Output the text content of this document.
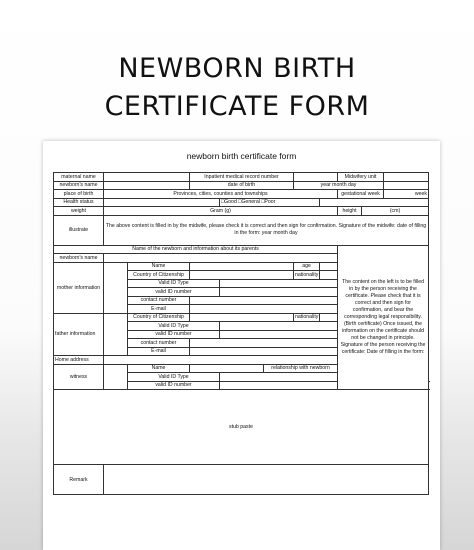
NEWBORN BIRTH
CERTIFICATE FORM
newborn birth certificate form
maternal name			Inpatient medical record number					Midwifery unit			
newborn's name			date of birth			year month day					
place of birth	Provinces, cities, counties and townships							gestational week		week	
Health status				□Good □General □Poor							
weight	Gram (g)							height	(cm)		
illustrate	The above content is filled in by the midwife, please check it is correct and then sign for confirmation. Signature of the midwife: date of filling in the form: year month day										
Name of the newborn and information about its parents								The content on the left is to be filled in by the person receiving the certificate. Please check that it is correct and then sign for confirmation, and bear the corresponding legal responsibility. (Birth certificate) Once issued, the information on the certificate should not be changed in principle. Signature of the person receiving the certificate: Date of filling in the form:			
newborn's name											
mother information		Name				age					
		Country of Citizenship				nationality					
		Valid ID Type									
		valid ID number									
		contact number									
		E-mail									
father information		Country of Citizenship				nationality					
		Valid ID Type									
		valid ID number									
		contact number									
		E-mail									
Home address											
witness		Name			relationship with newborn						
		Valid ID Type									
		valid ID number									
stub paste											
Remark											
